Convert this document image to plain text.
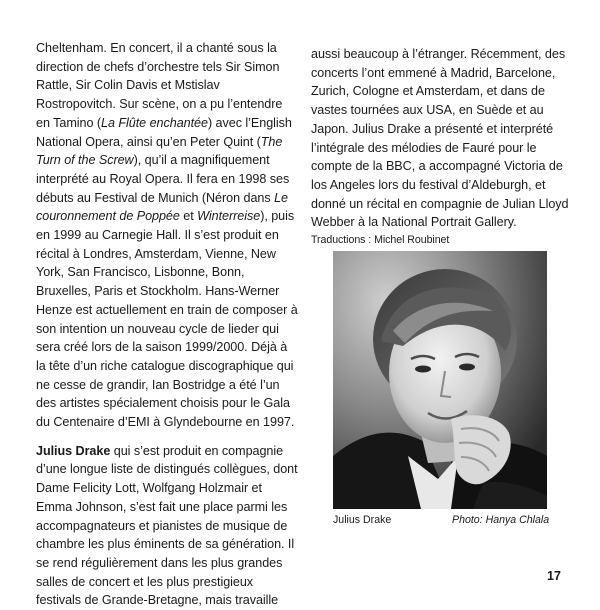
Cheltenham. En concert, il a chanté sous la direction de chefs d’orchestre tels Sir Simon Rattle, Sir Colin Davis et Mstislav Rostropovitch. Sur scène, on a pu l’entendre en Tamino (La Flûte enchantée) avec l’English National Opera, ainsi qu’en Peter Quint (The Turn of the Screw), qu’il a magnifiquement interprété au Royal Opera. Il fera en 1998 ses débuts au Festival de Munich (Néron dans Le couronnement de Poppée et Winterreise), puis en 1999 au Carnegie Hall. Il s’est produit en récital à Londres, Amsterdam, Vienne, New York, San Francisco, Lisbonne, Bonn, Bruxelles, Paris et Stockholm. Hans-Werner Henze est actuellement en train de composer à son intention un nouveau cycle de lieder qui sera créé lors de la saison 1999/2000. Déjà à la tête d’un riche catalogue discographique qui ne cesse de grandir, Ian Bostridge a été l’un des artistes spécialement choisis pour le Gala du Centenaire d’EMI à Glyndebourne en 1997.

Julius Drake qui s’est produit en compagnie d’une longue liste de distingués collègues, dont Dame Felicity Lott, Wolfgang Holzmair et Emma Johnson, s’est fait une place parmi les accompagnateurs et pianistes de musique de chambre les plus éminents de sa génération. Il se rend régulièrement dans les plus grandes salles de concert et les plus prestigieux festivals de Grande-Bretagne, mais travaille

aussi beaucoup à l’étranger. Récemment, des concerts l’ont emmené à Madrid, Barcelone, Zurich, Cologne et Amsterdam, et dans de vastes tournées aux USA, en Suède et au Japon. Julius Drake a présenté et interprété l’intégrale des mélodies de Fauré pour le compte de la BBC, a accompagné Victoria de los Angeles lors du festival d’Aldeburgh, et donné un récital en compagnie de Julian Lloyd Webber à la National Portrait Gallery.

Traductions : Michel Roubinet
Julius Drake	Photo: Hanya Chlala
17
